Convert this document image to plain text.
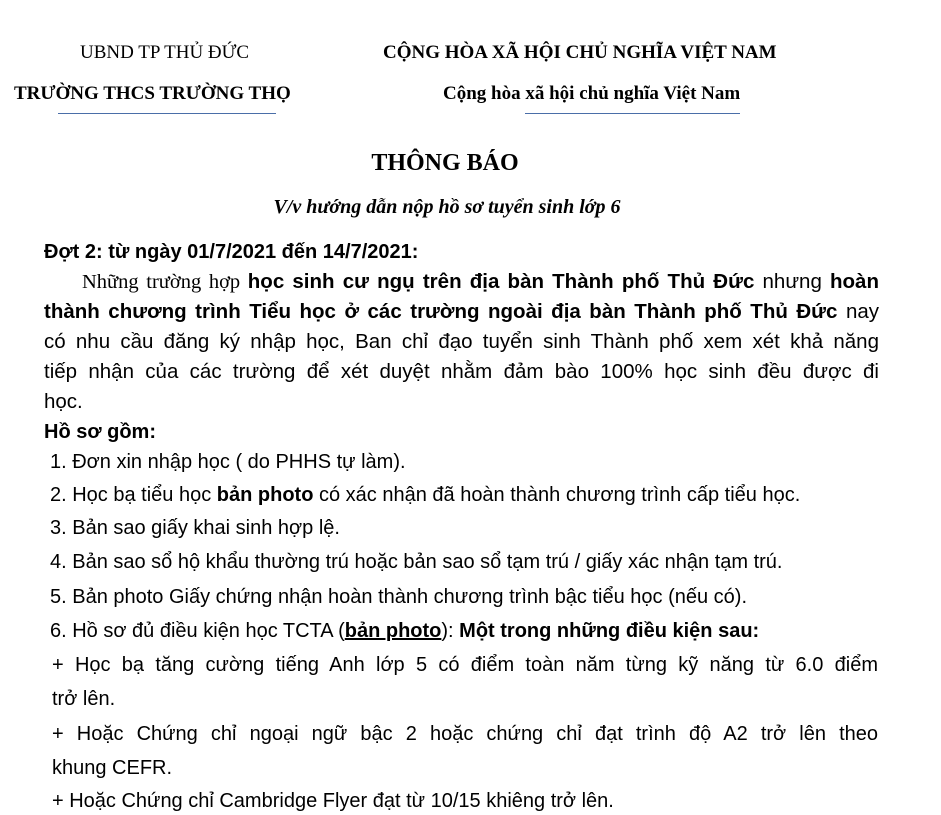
UBND TP THỦ ĐỨC
TRƯỜNG THCS TRƯỜNG THỌ
CỘNG HÒA XÃ HỘI CHỦ NGHĨA VIỆT NAM
Cộng hòa xã hội chủ nghĩa Việt Nam
THÔNG BÁO
V/v hướng dẫn nộp hồ sơ tuyển sinh lớp 6
Đợt 2: từ ngày 01/7/2021 đến 14/7/2021:
Những trường hợp học sinh cư ngụ trên địa bàn Thành phố Thủ Đức nhưng hoàn
thành chương trình Tiểu học ở các trường ngoài địa bàn Thành phố Thủ Đức nay
có nhu cầu đăng ký nhập học, Ban chỉ đạo tuyển sinh Thành phố xem xét khả năng
tiếp nhận của các trường để xét duyệt nhằm đảm bào 100% học sinh đều được đi
học.
Hồ sơ gồm:
1. Đơn xin nhập học ( do PHHS tự làm).
2. Học bạ tiểu học bản photo có xác nhận đã hoàn thành chương trình cấp tiểu học.
3. Bản sao giấy khai sinh hợp lệ.
4. Bản sao sổ hộ khẩu thường trú hoặc bản sao sổ tạm trú / giấy xác nhận tạm trú.
5. Bản photo Giấy chứng nhận hoàn thành chương trình bậc tiểu học (nếu có).
6. Hồ sơ đủ điều kiện học TCTA (bản photo): Một trong những điều kiện sau:
+ Học bạ tăng cường tiếng Anh lớp 5 có điểm toàn năm từng kỹ năng từ 6.0 điểm
trở lên.
+ Hoặc Chứng chỉ ngoại ngữ bậc 2 hoặc chứng chỉ đạt trình độ A2 trở lên theo
khung CEFR.
+ Hoặc Chứng chỉ Cambridge Flyer đạt từ 10/15 khiêng trở lên.
